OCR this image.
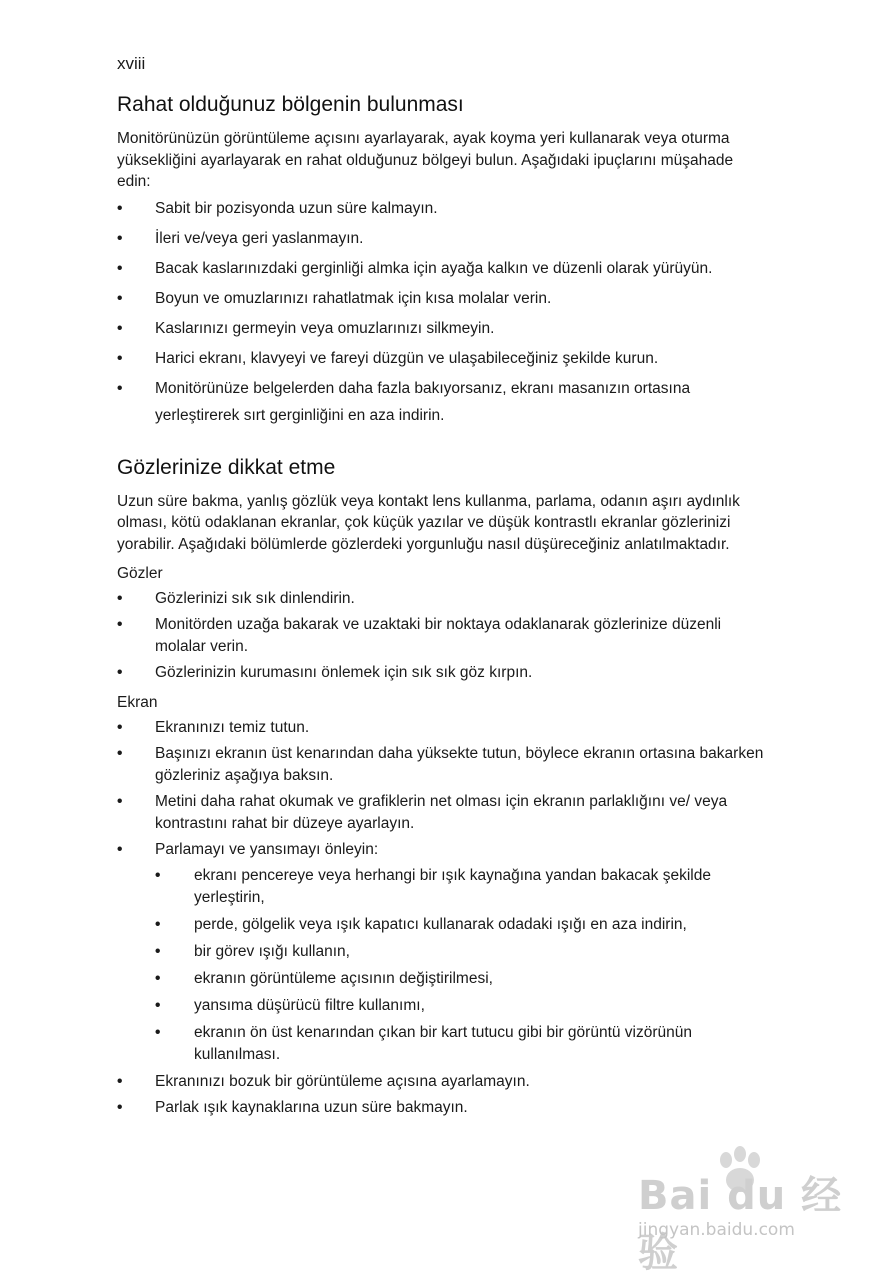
xviii
Rahat olduğunuz bölgenin bulunması

Monitörünüzün görüntüleme açısını ayarlayarak, ayak koyma yeri kullanarak veya oturma yüksekliğini ayarlayarak en rahat olduğunuz bölgeyi bulun. Aşağıdaki ipuçlarını müşahade edin:

• Sabit bir pozisyonda uzun süre kalmayın.
• İleri ve/veya geri yaslanmayın.
• Bacak kaslarınızdaki gerginliği almka için ayağa kalkın ve düzenli olarak yürüyün.
• Boyun ve omuzlarınızı rahatlatmak için kısa molalar verin.
• Kaslarınızı germeyin veya omuzlarınızı silkmeyin.
• Harici ekranı, klavyeyi ve fareyi düzgün ve ulaşabileceğiniz şekilde kurun.
• Monitörünüze belgelerden daha fazla bakıyorsanız, ekranı masanızın ortasına yerleştirerek sırt gerginliğini en aza indirin.
Gözlerinize dikkat etme

Uzun süre bakma, yanlış gözlük veya kontakt lens kullanma, parlama, odanın aşırı aydınlık olması, kötü odaklanan ekranlar, çok küçük yazılar ve düşük kontrastlı ekranlar gözlerinizi yorabilir. Aşağıdaki bölümlerde gözlerdeki yorgunluğu nasıl düşüreceğiniz anlatılmaktadır.

Gözler
• Gözlerinizi sık sık dinlendirin.
• Monitörden uzağa bakarak ve uzaktaki bir noktaya odaklanarak gözlerinize düzenli molalar verin.
• Gözlerinizin kurumasını önlemek için sık sık göz kırpın.
Ekran
• Ekranınızı temiz tutun.
• Başınızı ekranın üst kenarından daha yüksekte tutun, böylece ekranın ortasına bakarken gözleriniz aşağıya baksın.
• Metini daha rahat okumak ve grafiklerin net olması için ekranın parlaklığını ve/ veya kontrastını rahat bir düzeye ayarlayın.
• Parlamayı ve yansımayı önleyin:
• ekranı pencereye veya herhangi bir ışık kaynağına yandan bakacak şekilde yerleştirin,
• perde, gölgelik veya ışık kapatıcı kullanarak odadaki ışığı en aza indirin,
• bir görev ışığı kullanın,
• ekranın görüntüleme açısının değiştirilmesi,
• yansıma düşürücü filtre kullanımı,
• ekranın ön üst kenarından çıkan bir kart tutucu gibi bir görüntü vizörünün kullanılması.
• Ekranınızı bozuk bir görüntüleme açısına ayarlamayın.
• Parlak ışık kaynaklarına uzun süre bakmayın.
Bai du 经验
jingyan.baidu.com
